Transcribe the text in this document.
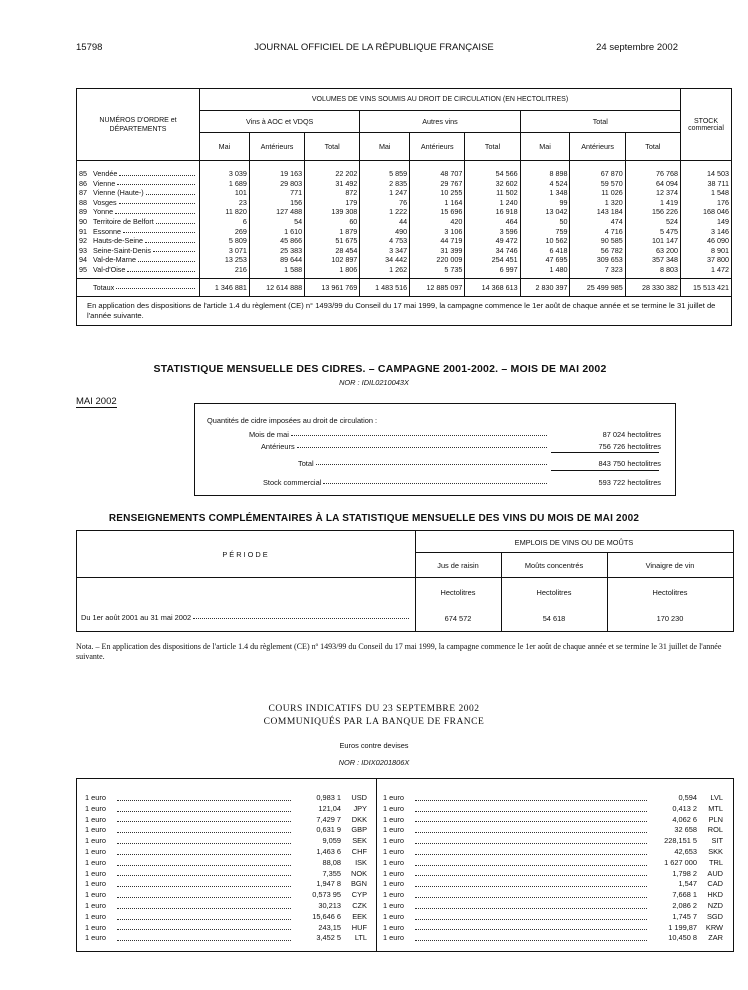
15798	JOURNAL OFFICIEL DE LA RÉPUBLIQUE FRANÇAISE	24 septembre 2002
NUMÉROS D'ORDRE et DÉPARTEMENTS	VOLUMES DE VINS SOUMIS AU DROIT DE CIRCULATION (EN HECTOLITRES)									STOCK commercial
	Vins à AOC et VDQS			Autres vins			Total			
	Mai	Antérieurs	Total	Mai	Antérieurs	Total	Mai	Antérieurs	Total	

85 Vendée	3 039	19 163	22 202	5 859	48 707	54 566	8 898	67 870	76 768	14 503

86 Vienne	1 689	29 803	31 492	2 835	29 767	32 602	4 524	59 570	64 094	38 711

87 Vienne (Haute-)	101	771	872	1 247	10 255	11 502	1 348	11 026	12 374	1 548

88 Vosges	23	156	179	76	1 164	1 240	99	1 320	1 419	176

89 Yonne	11 820	127 488	139 308	1 222	15 696	16 918	13 042	143 184	156 226	168 046

90 Territoire de Belfort	6	54	60	44	420	464	50	474	524	149

91 Essonne	269	1 610	1 879	490	3 106	3 596	759	4 716	5 475	3 146

92 Hauts-de-Seine	5 809	45 866	51 675	4 753	44 719	49 472	10 562	90 585	101 147	46 090

93 Seine-Saint-Denis	3 071	25 383	28 454	3 347	31 399	34 746	6 418	56 782	63 200	8 901

94 Val-de-Marne	13 253	89 644	102 897	34 442	220 009	254 451	47 695	309 653	357 348	37 800

95 Val-d'Oise	216	1 588	1 806	1 262	5 735	6 997	1 480	7 323	8 803	1 472

Totaux	1 346 881	12 614 888	13 961 769	1 483 516	12 885 097	14 368 613	2 830 397	25 499 985	28 330 382	15 513 421
En application des dispositions de l'article 1.4 du règlement (CE) n° 1493/99 du Conseil du 17 mai 1999, la campagne commence le 1er août de chaque année et se termine le 31 juillet de l'année suivante.										
STATISTIQUE MENSUELLE DES CIDRES. – CAMPAGNE 2001-2002. – MOIS DE MAI 2002
NOR : IDIL0210043X
MAI 2002
Quantités de cidre imposées au droit de circulation :
Mois de mai	87 024 hectolitres
Antérieurs	756 726 hectolitres
Total	843 750 hectolitres
Stock commercial	593 722 hectolitres
RENSEIGNEMENTS COMPLÉMENTAIRES À LA STATISTIQUE MENSUELLE DES VINS DU MOIS DE MAI 2002
PÉRIODE
EMPLOIS DE VINS OU DE MOÛTS
Jus de raisin	Moûts concentrés	Vinaigre de vin
Hectolitres	Hectolitres	Hectolitres
Du 1er août 2001 au 31 mai 2002	674 572	54 618	170 230
Nota. – En application des dispositions de l'article 1.4 du règlement (CE) nº 1493/99 du Conseil du 17 mai 1999, la campagne commence le 1er août de chaque année et se termine le 31 juillet de l'année suivante.
COURS INDICATIFS DU 23 SEPTEMBRE 2002
COMMUNIQUÉS PAR LA BANQUE DE FRANCE
Euros contre devises
NOR : IDIX0201806X
1 euro	0,983 1	USD
1 euro	121,04	JPY
1 euro	7,429 7	DKK
1 euro	0,631 9	GBP
1 euro	9,059	SEK
1 euro	1,463 6	CHF
1 euro	88,08	ISK
1 euro	7,355	NOK
1 euro	1,947 8	BGN
1 euro	0,573 95	CYP
1 euro	30,213	CZK
1 euro	15,646 6	EEK
1 euro	243,15	HUF
1 euro	3,452 5	LTL
1 euro	0,594	LVL
1 euro	0,413 2	MTL
1 euro	4,062 6	PLN
1 euro	32 658	ROL
1 euro	228,151 5	SIT
1 euro	42,653	SKK
1 euro	1 627 000	TRL
1 euro	1,798 2	AUD
1 euro	1,547	CAD
1 euro	7,668 1	HKD
1 euro	2,086 2	NZD
1 euro	1,745 7	SGD
1 euro	1 199,87	KRW
1 euro	10,450 8	ZAR
